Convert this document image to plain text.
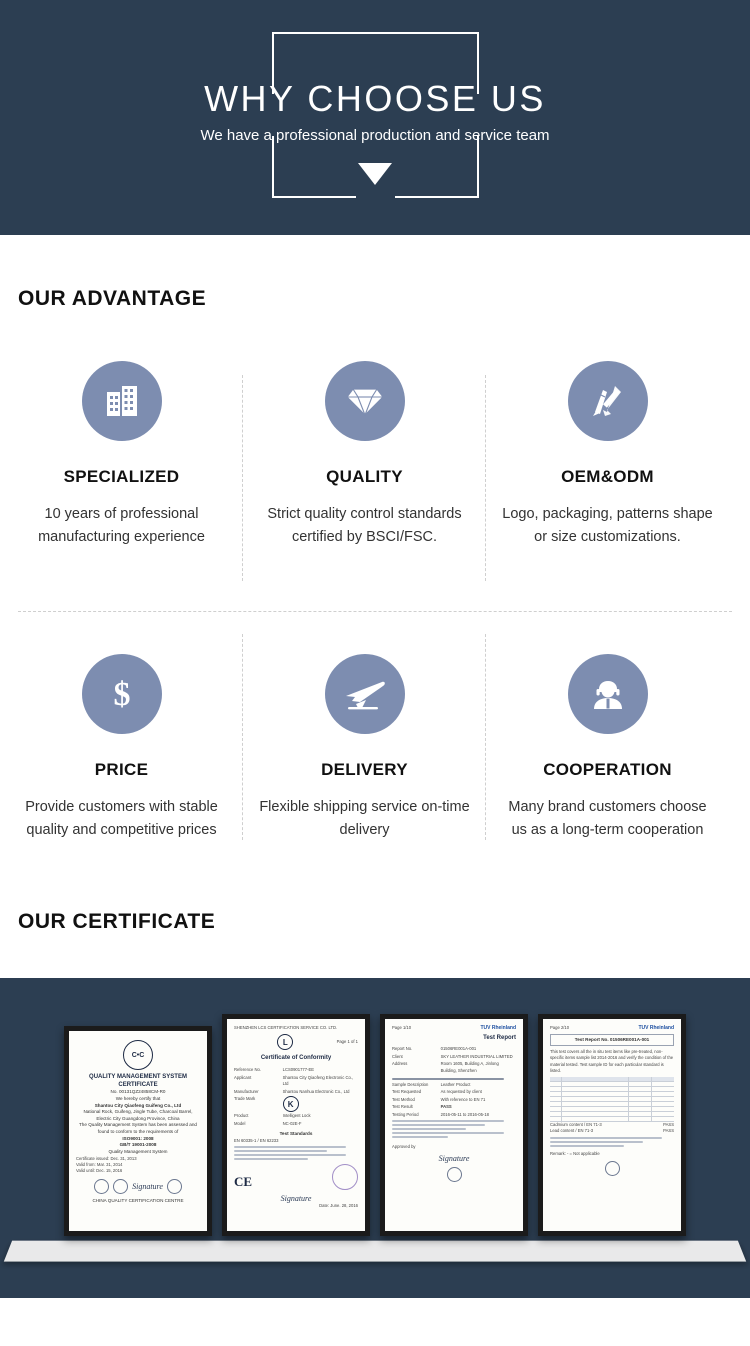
WHY CHOOSE US
We have a professional production and service team
OUR ADVANTAGE
SPECIALIZED
10 years of professional manufacturing experience
QUALITY
Strict quality control standards certified by BSCI/FSC.
OEM&ODM
Logo, packaging, patterns shape or size customizations.
$
PRICE
Provide customers with stable quality and competitive prices
DELIVERY
Flexible shipping service on-time delivery
COOPERATION
Many brand customers choose us as a long-term cooperation
OUR CERTIFICATE
C•C
QUALITY MANAGEMENT SYSTEM
CERTIFICATE
No. 00131QZ24858CM-R0
We hereby certify that
Shantou City Qiaofeng Guifeng Co., Ltd
National Rock, Guifeng, Jingle Tube, Charcoal Barrel, Electric City Guangdong Province, China
The Quality Management System has been assessed and found to conform to the requirements of
ISO9001: 2008
GB/T 19001-2008
Quality Management System
Certificate issued: Dec. 31, 2013
Valid from: Mar. 31, 2014
Valid until: Dec. 15, 2016
Signature
CHINA QUALITY CERTIFICATION CENTRE
SHENZHEN LCS CERTIFICATION SERVICE CO. LTD.
L	Page 1 of 1
Certificate of Conformity
Reference No.	LCS0901777-EE
Applicant	Shantou City Qiaofeng Electronic Co., Ltd
Manufacturer	Shantou Nanhua Electronic Co., Ltd
Trade Mark
K
Product	Intelligent Lock
Model	NC-02E-F
Test Standards
EN 60335-1 / EN 62233
CE
Signature
Date: June. 28, 2016
Page 1/10	TUV Rheinland
Test Report
Report No.	01506RE001A-001
Client	SKY LEATHER INDUSTRIAL LIMITED
Address	Room 1605, Building A, Jinlong Building, Shenzhen
Sample Description	Leather Product
Test Requested	As requested by client
Test Method	With reference to EN 71
Test Result	PASS
Testing Period	2016-05-11 to 2016-05-18
Approved by
Signature
Page 2/10	TUV Rheinland
Test Report No. 01506RE001A-001
This test covers all the in situ test items like pre-treated, non-specific items sample list 2014-2016 and verify the condition of the material tested. Test sample ID for each particular standard is listed.
Cadmium content / EN 71-3	PASS
Lead content / EN 71-3	PASS
Remark: - = Not applicable
